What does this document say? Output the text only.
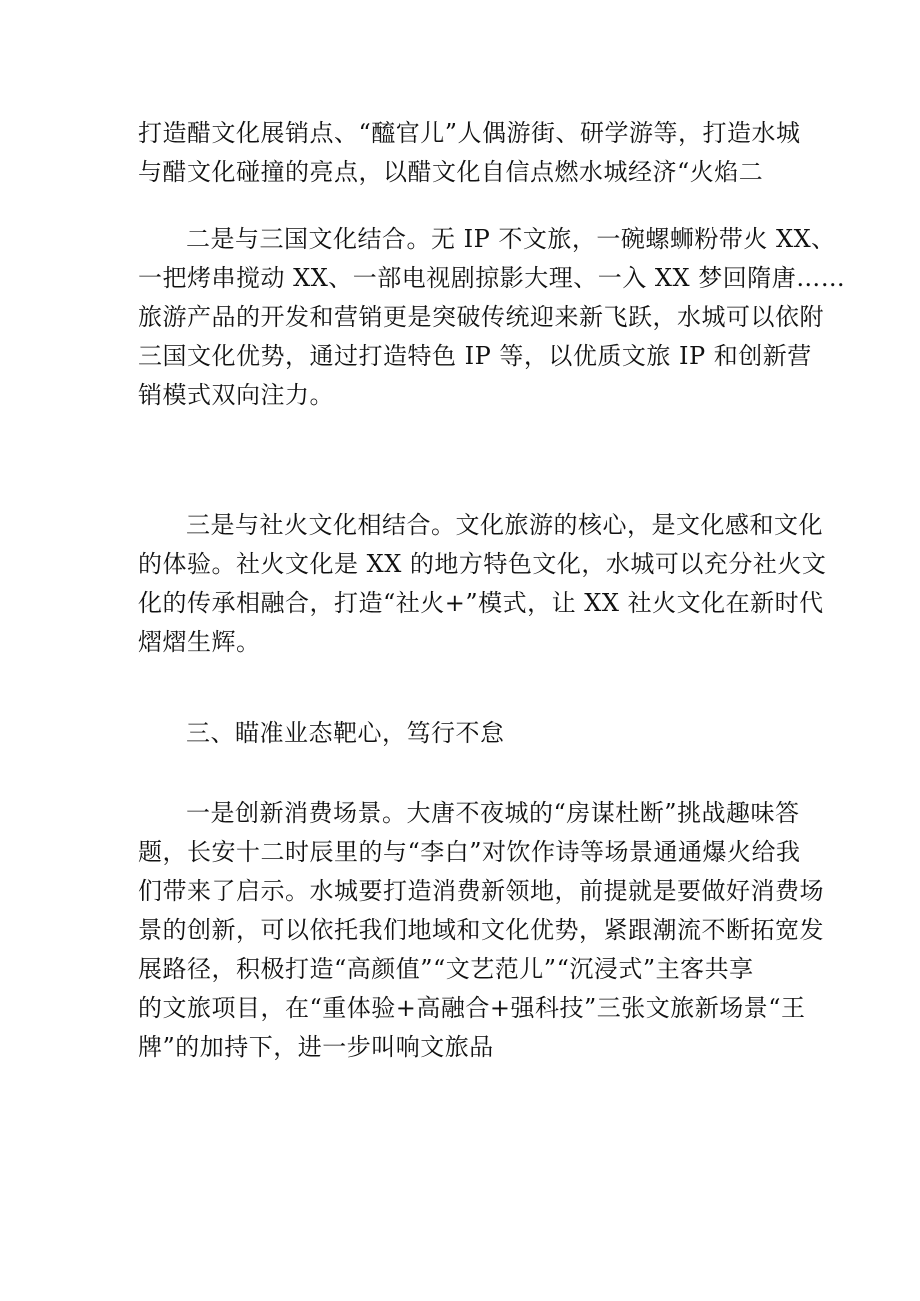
打造醋文化展销点、“醯官儿”人偶游街、研学游等，打造水城
与醋文化碰撞的亮点，以醋文化自信点燃水城经济“火焰二
二是与三国文化结合。无 IP 不文旅，一碗螺蛳粉带火 XX、
一把烤串搅动 XX、一部电视剧掠影大理、一入 XX 梦回隋唐……
旅游产品的开发和营销更是突破传统迎来新飞跃，水城可以依附
三国文化优势，通过打造特色 IP 等，以优质文旅 IP 和创新营
销模式双向注力。
三是与社火文化相结合。文化旅游的核心，是文化感和文化
的体验。社火文化是 XX 的地方特色文化，水城可以充分社火文
化的传承相融合，打造“社火+”模式，让 XX 社火文化在新时代
熠熠生辉。
三、瞄准业态靶心，笃行不怠
一是创新消费场景。大唐不夜城的“房谋杜断”挑战趣味答
题，长安十二时辰里的与“李白”对饮作诗等场景通通爆火给我
们带来了启示。水城要打造消费新领地，前提就是要做好消费场
景的创新，可以依托我们地域和文化优势，紧跟潮流不断拓宽发
展路径，积极打造“高颜值”“文艺范儿”“沉浸式”主客共享
的文旅项目，在“重体验+高融合+强科技”三张文旅新场景“王
牌”的加持下，进一步叫响文旅品
